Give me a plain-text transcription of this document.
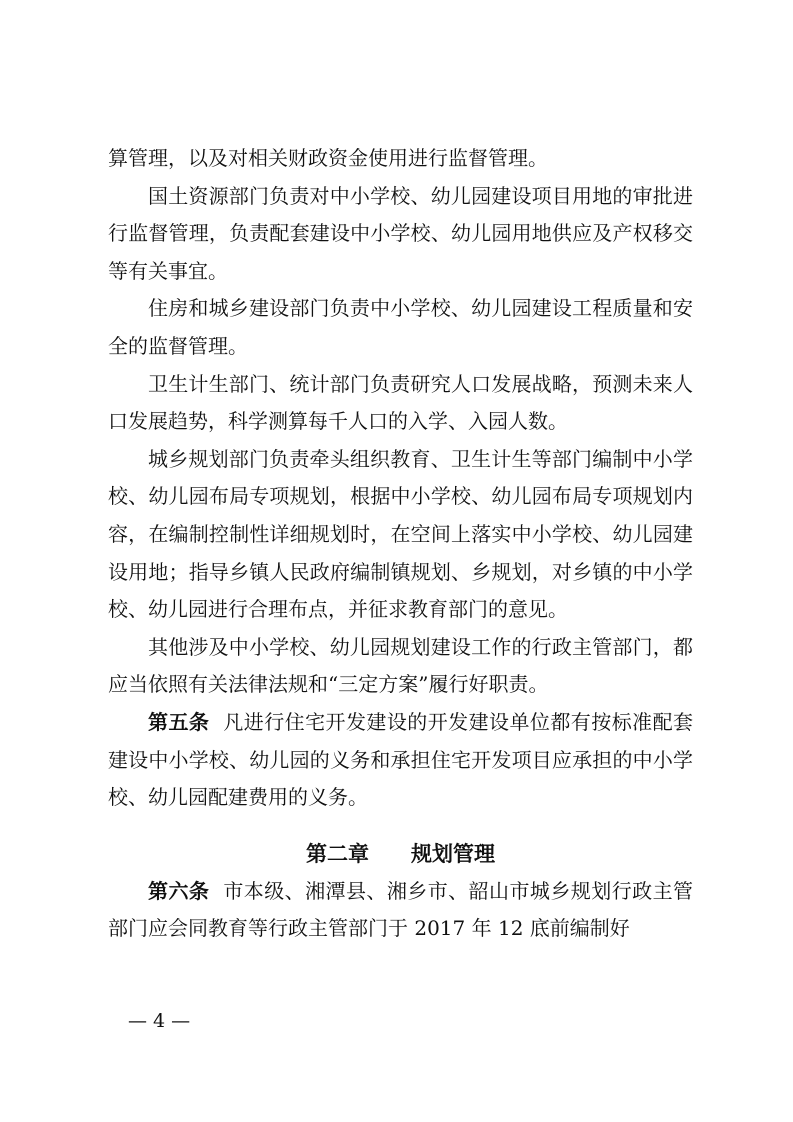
算管理，以及对相关财政资金使用进行监督管理。

国土资源部门负责对中小学校、幼儿园建设项目用地的审批进行监督管理，负责配套建设中小学校、幼儿园用地供应及产权移交等有关事宜。

住房和城乡建设部门负责中小学校、幼儿园建设工程质量和安全的监督管理。

卫生计生部门、统计部门负责研究人口发展战略，预测未来人口发展趋势，科学测算每千人口的入学、入园人数。

城乡规划部门负责牵头组织教育、卫生计生等部门编制中小学校、幼儿园布局专项规划，根据中小学校、幼儿园布局专项规划内容，在编制控制性详细规划时，在空间上落实中小学校、幼儿园建设用地；指导乡镇人民政府编制镇规划、乡规划，对乡镇的中小学校、幼儿园进行合理布点，并征求教育部门的意见。

其他涉及中小学校、幼儿园规划建设工作的行政主管部门，都应当依照有关法律法规和“三定方案”履行好职责。

第五条 凡进行住宅开发建设的开发建设单位都有按标准配套建设中小学校、幼儿园的义务和承担住宅开发项目应承担的中小学校、幼儿园配建费用的义务。

第二章　　规划管理

第六条 市本级、湘潭县、湘乡市、韶山市城乡规划行政主管部门应会同教育等行政主管部门于 2017 年 12 底前编制好

— 4 —
